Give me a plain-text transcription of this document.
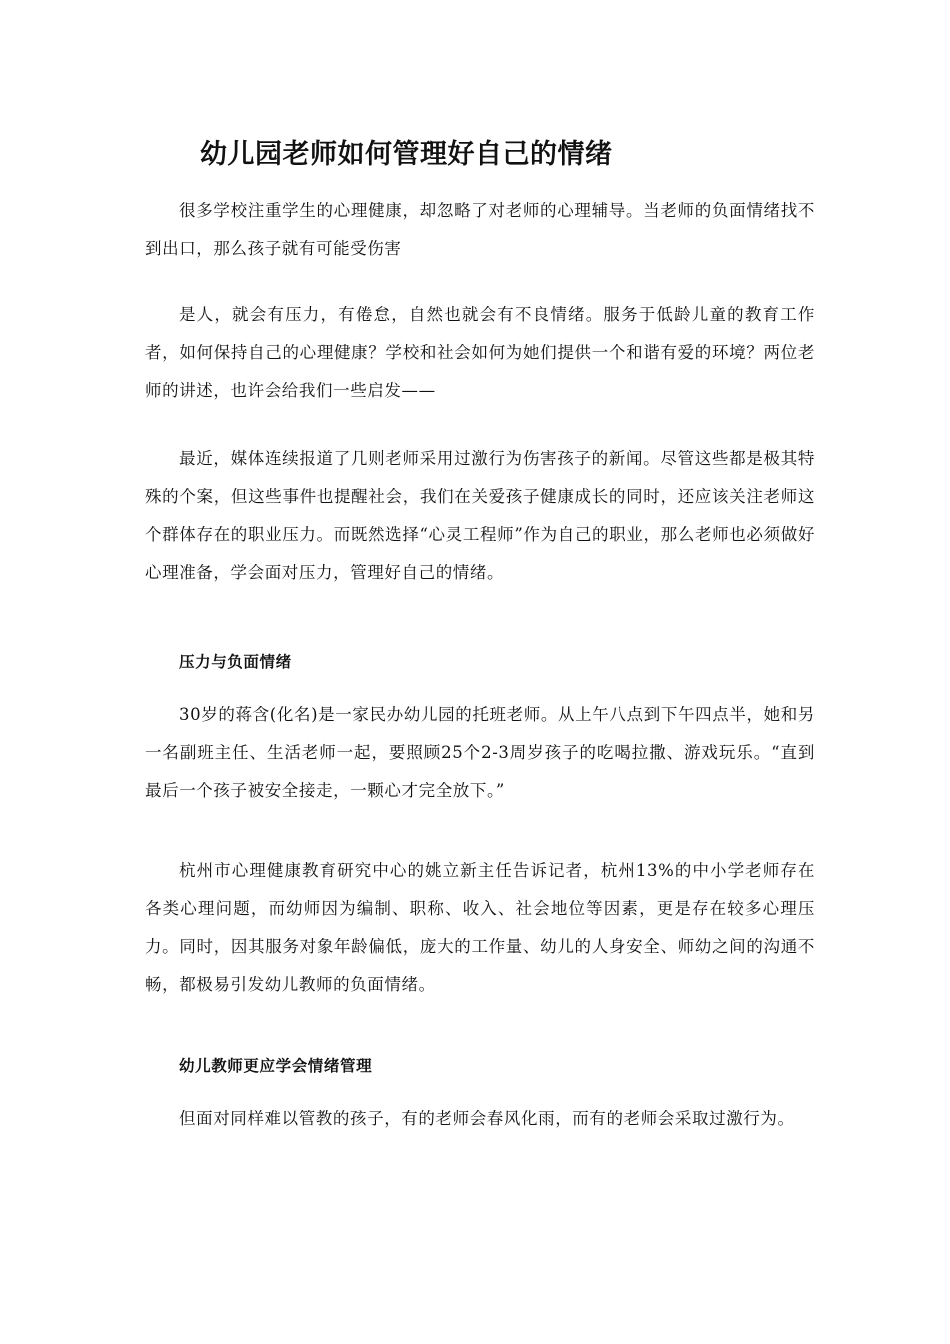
幼儿园老师如何管理好自己的情绪

很多学校注重学生的心理健康，却忽略了对老师的心理辅导。当老师的负面情绪找不到出口，那么孩子就有可能受伤害

是人，就会有压力，有倦怠，自然也就会有不良情绪。服务于低龄儿童的教育工作者，如何保持自己的心理健康？学校和社会如何为她们提供一个和谐有爱的环境？两位老师的讲述，也许会给我们一些启发——

最近，媒体连续报道了几则老师采用过激行为伤害孩子的新闻。尽管这些都是极其特殊的个案，但这些事件也提醒社会，我们在关爱孩子健康成长的同时，还应该关注老师这个群体存在的职业压力。而既然选择“心灵工程师”作为自己的职业，那么老师也必须做好心理准备，学会面对压力，管理好自己的情绪。

压力与负面情绪

30岁的蒋含(化名)是一家民办幼儿园的托班老师。从上午八点到下午四点半，她和另一名副班主任、生活老师一起，要照顾25个2-3周岁孩子的吃喝拉撒、游戏玩乐。“直到最后一个孩子被安全接走，一颗心才完全放下。”

杭州市心理健康教育研究中心的姚立新主任告诉记者，杭州13%的中小学老师存在各类心理问题，而幼师因为编制、职称、收入、社会地位等因素，更是存在较多心理压力。同时，因其服务对象年龄偏低，庞大的工作量、幼儿的人身安全、师幼之间的沟通不畅，都极易引发幼儿教师的负面情绪。

幼儿教师更应学会情绪管理

但面对同样难以管教的孩子，有的老师会春风化雨，而有的老师会采取过激行为。
